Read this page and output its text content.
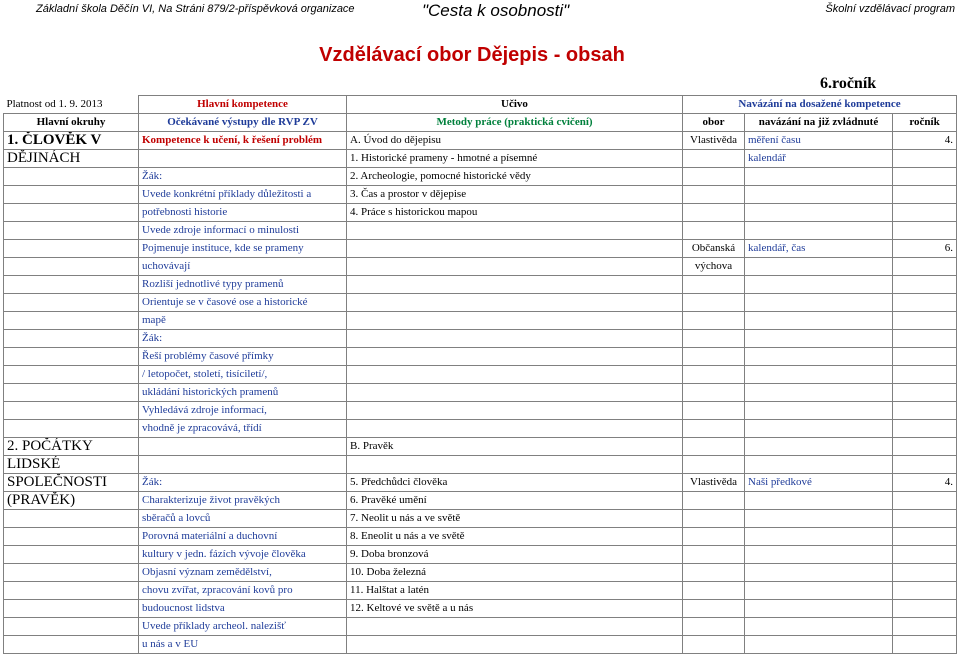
Základní škola Děčín VI, Na Stráni 879/2-příspěvková organizace	"Cesta k osobnosti"	Školní vzdělávací program
Vzdělávací obor Dějepis - obsah
6.ročník
Platnost od 1. 9. 2013	Hlavní kompetence	Učivo	Navázání na dosažené kompetence		
Hlavní okruhy	Očekávané výstupy dle RVP ZV	Metody práce (praktická cvičení)	obor	navázání na již zvládnuté	ročník
1. ČLOVĚK V	Kompetence k učení, k řešení problém	A. Úvod do dějepisu	Vlastivěda	měření času	4.
DĚJINÁCH		1. Historické prameny - hmotné a písemné		kalendář	
	Žák:	2. Archeologie, pomocné historické vědy			
	Uvede konkrétní příklady důležitosti a	3. Čas a prostor v dějepise			
	potřebnosti historie	4. Práce s historickou mapou			
	Uvede zdroje informací o minulosti				
	Pojmenuje instituce, kde se prameny		Občanská	kalendář, čas	6.
	uchovávají		výchova		
	Rozliší jednotlivé typy pramenů				
	Orientuje se v časové ose a historické				
	mapě				
	Žák:				
	Řeší problémy časové přímky				
	/ letopočet, století, tisíciletí/,				
	ukládání historických pramenů				
	Vyhledává zdroje informací,				
	vhodně je zpracovává, třídí				
2. POČÁTKY		B. Pravěk			
LIDSKÉ					
SPOLEČNOSTI	Žák:	5. Předchůdci člověka	Vlastivěda	Naši předkové	4.
(PRAVĚK)	Charakterizuje život pravěkých	6. Pravěké umění			
	sběračů a lovců	7. Neolit u nás a ve světě			
	Porovná materiální a duchovní	8. Eneolit u nás a ve světě			
	kultury v jedn. fázích vývoje člověka	9. Doba bronzová			
	Objasní význam zemědělství,	10. Doba železná			
	chovu zvířat, zpracování kovů pro	11. Halštat a latén			
	budoucnost lidstva	12. Keltové ve světě a u nás			
	Uvede příklady archeol. nalezišť				
	u nás a v EU				
